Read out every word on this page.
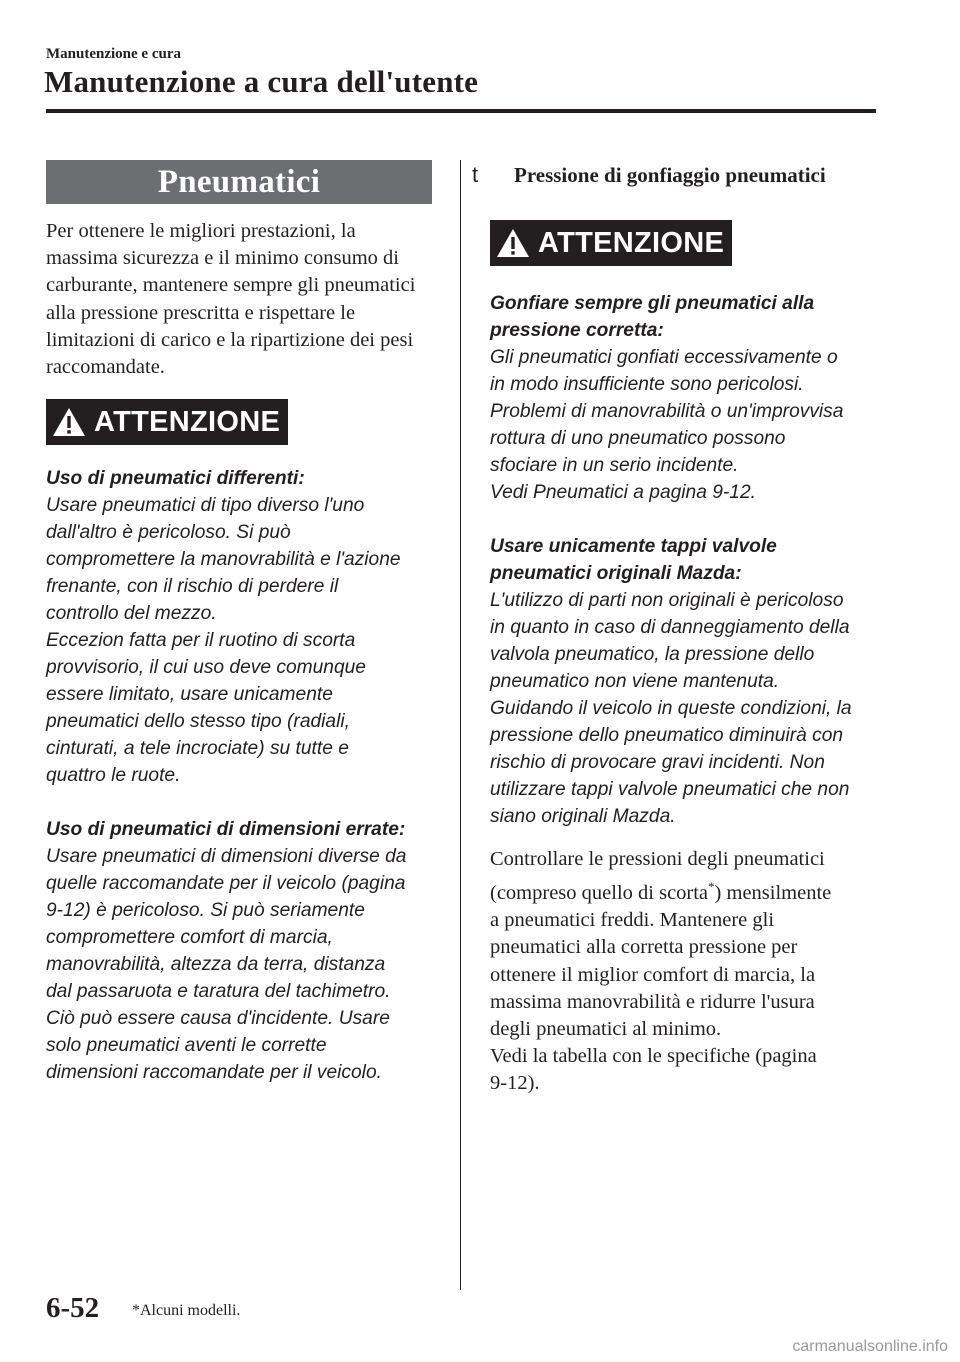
Manutenzione e cura
Manutenzione a cura dell'utente
Pneumatici

Per ottenere le migliori prestazioni, la massima sicurezza e il minimo consumo di carburante, mantenere sempre gli pneumatici alla pressione prescritta e rispettare le limitazioni di carico e la ripartizione dei pesi raccomandate.

ATTENZIONE

Uso di pneumatici differenti:

Usare pneumatici di tipo diverso l'uno

dall'altro è pericoloso. Si può

compromettere la manovrabilità e l'azione

frenante, con il rischio di perdere il

controllo del mezzo.

Eccezion fatta per il ruotino di scorta

provvisorio, il cui uso deve comunque

essere limitato, usare unicamente

pneumatici dello stesso tipo (radiali,

cinturati, a tele incrociate) su tutte e

quattro le ruote.

Uso di pneumatici di dimensioni errate:

Usare pneumatici di dimensioni diverse da

quelle raccomandate per il veicolo (pagina

9-12) è pericoloso. Si può seriamente

compromettere comfort di marcia,

manovrabilità, altezza da terra, distanza

dal passaruota e taratura del tachimetro.

Ciò può essere causa d'incidente. Usare

solo pneumatici aventi le corrette

dimensioni raccomandate per il veicolo.

t	Pressione di gonfiaggio pneumatici
ATTENZIONE

Gonfiare sempre gli pneumatici alla

pressione corretta:

Gli pneumatici gonfiati eccessivamente o

in modo insufficiente sono pericolosi.

Problemi di manovrabilità o un'improvvisa

rottura di uno pneumatico possono

sfociare in un serio incidente.

Vedi Pneumatici a pagina 9-12.

Usare unicamente tappi valvole

pneumatici originali Mazda:

L'utilizzo di parti non originali è pericoloso

in quanto in caso di danneggiamento della

valvola pneumatico, la pressione dello

pneumatico non viene mantenuta.

Guidando il veicolo in queste condizioni, la

pressione dello pneumatico diminuirà con

rischio di provocare gravi incidenti. Non

utilizzare tappi valvole pneumatici che non

siano originali Mazda.

Controllare le pressioni degli pneumatici
(compreso quello di scorta*) mensilmente
a pneumatici freddi. Mantenere gli
pneumatici alla corretta pressione per
ottenere il miglior comfort di marcia, la
massima manovrabilità e ridurre l'usura
degli pneumatici al minimo.
Vedi la tabella con le specifiche (pagina
9-12).
6-52 *Alcuni modelli.
carmanualsonline.info
